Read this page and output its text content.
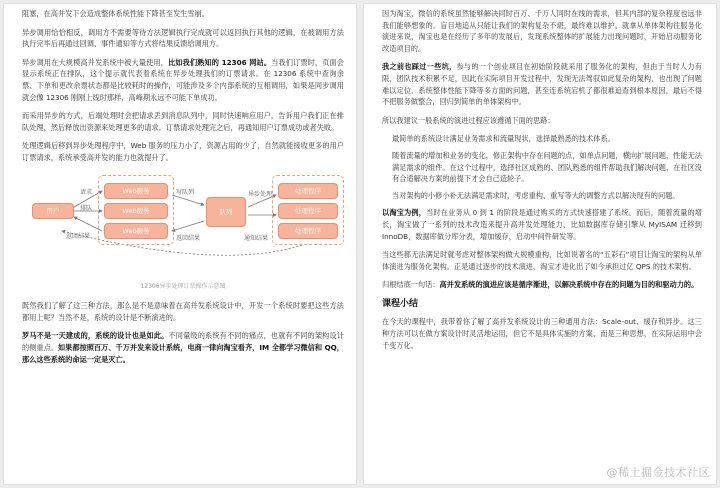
阻塞，在高并发下会造成整体系统性能下降甚至发生雪崩。

异步调用恰恰相反，调用方不需要等待方法逻辑执行完成就可以返回执行其他的逻辑，在被调用方法执行完毕后再通过回调、事件通知等方式将结果反馈给调用方。

异步调用在大规模高并发系统中被大量使用，比如我们熟知的 12306 网站。当我们订票时，页面会显示系统正在排队，这个提示就代表着系统在异步处理我们的订票请求。在 12306 系统中查询余票、下单和更改余票状态都是比较耗时的操作，可能涉及多个内部系统的互相调用，如果是同步调用就会像 12306 刚刚上线时那样，高峰期永远不可能下单成功。

而采用异步的方式，后端处理时会把请求丢到消息队列中，同时快速响应用户，告诉用户我们正在排队处理，然后释放出资源来处理更多的请求。订票请求处理完之后，再通知用户订票成功或者失败。

处理逻辑后移到异步处理程序中，Web 服务的压力小了，资源占用的少了，自然就能接收更多的用户订票请求，系统承受高并发的能力也就提升了。

用户
Web服务
Web服务
Web服务
队列
处理程序
处理程序
处理程序
请求
排队
返回结果
写队列	异步处理
返回结果	通知结果
12306异步处理订票操作示意图

既然我们了解了这三种方法，那么是不是意味着在高并发系统设计中，开发一个系统时要把这些方法都用上呢？当然不是，系统的设计是不断演进的。

罗马不是一天建成的，系统的设计也是如此。不同量级的系统有不同的痛点，也就有不同的架构设计的侧重点。如果都按照百万、千万并发来设计系统，电商一律向淘宝看齐，IM 全都学习微信和 QQ，那么这些系统的命运一定是灭亡。

因为淘宝、微信的系统虽然能够解决同时百万、千万人同时在线的需求，但其内部的复杂程度也远非我们能够想象的。盲目地追从只能让我们的架构复杂不堪，最终难以维护。就拿从单体架构往服务化演进来说，淘宝也是在经历了多年的发展后，发现系统整体的扩展能力出现问题时，开始启动服务化改造项目的。

我之前也踩过一些坑，参与的一个创业项目在初始阶段就采用了服务化的架构，但由于当时人力有限，团队技术积累不足，因此在实际项目开发过程中，发现无法驾驭如此复杂的架构，也出现了问题难以定位、系统整体性能下降等多方面的问题，甚至连系统宕机了都很难追查到根本原因，最后不得不把服务做整合，回归到简单的单体架构中。

所以我建议一般系统的演进过程应该遵循下面的思路：

最简单的系统设计满足业务需求和流量现状，选择最熟悉的技术体系。

随着流量的增加和业务的变化，修正架构中存在问题的点，如单点问题，横向扩展问题，性能无法满足需求的组件。在这个过程中，选择社区成熟的、团队熟悉的组件帮助我们解决问题，在社区没有合适解决方案的前提下才会自己造轮子。

当对架构的小修小补无法满足需求时，考虑重构、重写等大的调整方式以解决现有的问题。

以淘宝为例，当时在业务从 0 到 1 的阶段是通过购买的方式快速搭建了系统。而后，随着流量的增长，淘宝做了一系列的技术改造来提升高并发处理能力，比如数据库存储引擎从 MyISAM 迁移到 InnoDB，数据库做分库分表，增加缓存，启动中间件研发等。

当这些都无法满足时就考虑对整体架构做大规模重构，比如说著名的“五彩石”项目让淘宝的架构从单体演进为服务化架构。正是通过逐步的技术演进，淘宝才进化出了如今承担过亿 QPS 的技术架构。

归根结底一句话：高并发系统的演进应该是循序渐进，以解决系统中存在的问题为目的和驱动力的。

课程小结

在今天的课程中，我带着你了解了高并发系统设计的三种通用方法：Scale-out、缓存和异步。这三种方法可以在做方案设计时灵活地运用，但它不是具体实施的方案，而是三种思想，在实际运用中会千变万化。

@稀土掘金技术社区
